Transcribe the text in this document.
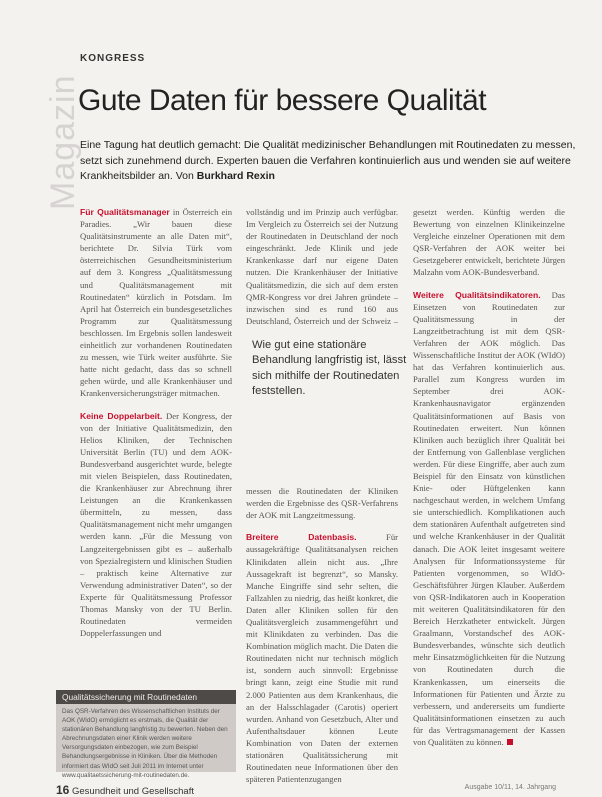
Magazin
KONGRESS
Gute Daten für bessere Qualität
Eine Tagung hat deutlich gemacht: Die Qualität medizinischer Behandlungen mit Routinedaten zu messen, setzt sich zunehmend durch. Experten bauen die Verfahren kontinuierlich aus und wenden sie auf weitere Krankheitsbilder an. Von Burkhard Rexin

Für Qualitätsmanager in Österreich ein Paradies. „Wir bauen diese Qualitätsinstrumente an alle Daten mit“, berichtete Dr. Silvia Türk vom österreichischen Gesundheitsministerium auf dem 3. Kongress „Qualitätsmessung und Qualitätsmanagement mit Routinedaten“ kürzlich in Potsdam. Im April hat Österreich ein bundesgesetzliches Programm zur Qualitätsmessung beschlossen. Im Ergebnis sollen landesweit einheitlich zur vorhandenen Routinedaten zu messen, wie Türk weiter ausführte. Sie hatte nicht gedacht, dass das so schnell gehen würde, und alle Krankenhäuser und Krankenversicherungsträger mitmachen.

Keine Doppelarbeit. Der Kongress, der von der Initiative Qualitätsmedizin, den Helios Kliniken, der Technischen Universität Berlin (TU) und dem AOK-Bundesverband ausgerichtet wurde, belegte mit vielen Beispielen, dass Routinedaten, die Krankenhäuser zur Abrechnung ihrer Leistungen an die Krankenkassen übermitteln, zu messen, dass Qualitätsmanagement nicht mehr umgangen werden kann. „Für die Messung von Langzeitergebnissen gibt es – außerhalb von Spezialregistern und klinischen Studien – praktisch keine Alternative zur Verwendung administrativer Daten“, so der Experte für Qualitätsmessung Professor Thomas Mansky von der TU Berlin. Routinedaten vermeiden Doppelerfassungen und

vollständig und im Prinzip auch verfügbar. Im Vergleich zu Österreich sei der Nutzung der Routinedaten in Deutschland der noch eingeschränkt. Jede Klinik und jede Krankenkasse darf nur eigene Daten nutzen. Die Krankenhäuser der Initiative Qualitätsmedizin, die sich auf dem ersten QMR-Kongress vor drei Jahren gründete – inzwischen sind es rund 160 aus Deutschland, Österreich und der Schweiz –

messen die Routinedaten der Kliniken werden die Ergebnisse des QSR-Verfahrens der AOK mit Langzeitmessung.

Breitere Datenbasis.	Für aussagekräftige Qualitätsanalysen reichen Klinikdaten allein nicht aus. „Ihre Aussagekraft ist begrenzt“, so Mansky. Manche Eingriffe sind sehr selten, die Fallzahlen zu niedrig, das heißt konkret, die Daten aller Kliniken sollen für den Qualitätsvergleich zusammengeführt und mit Klinikdaten zu verbinden. Das die Kombination möglich macht. Die Daten die Routinedaten nicht nur technisch möglich ist, sondern auch sinnvoll: Ergebnisse bringt kann, zeigt eine Studie mit rund 2.000 Patienten aus dem Krankenhaus, die an der Halsschlagader (Carotis) operiert wurden. Anhand von Gesetzbuch, Alter und Aufenthaltsdauer können Leute Kombination von Daten der externen stationären Qualitätssicherung mit Routinedaten neue Informationen über den späteren Patientenzugangen

Wie gut eine stationäre Behandlung langfristig ist, lässt sich mithilfe der Routinedaten feststellen.

gesetzt werden. Künftig werden die Bewertung von einzelnen Klinikeinzelne Vergleiche einzelner Operationen mit dem QSR-Verfahren der AOK weiter bei Gesetzgeberer entwickelt, berichtete Jürgen Malzahn vom AOK-Bundesverband.

Weitere Qualitätsindikatoren. Das Einsetzen von Routinedaten zur Qualitätsmessung in der Langzeitbetrachtung ist mit dem QSR-Verfahren der AOK möglich. Das Wissenschaftliche Institut der AOK (WIdO) hat das Verfahren kontinuierlich aus. Parallel zum Kongress wurden im September drei AOK-Krankenhausnavigator ergänzenden Qualitätsinformationen auf Basis von Routinedaten erweitert. Nun können Kliniken auch bezüglich ihrer Qualität bei der Entfernung von Gallenblase verglichen werden. Für diese Eingriffe, aber auch zum Beispiel für den Einsatz von künstlichen Knie- oder Hüftgelenken kann nachgeschaut werden, in welchem Umfang sie unterschiedlich. Komplikationen auch dem stationären Aufenthalt aufgetreten sind und welche Krankenhäuser in der Qualität danach. Die AOK leitet insgesamt weitere Analysen für Informationssysteme für Patienten vorgenommen, so WIdO-Geschäftsführer Jürgen Klauber. Außerdem von QSR-Indikatoren auch in Kooperation mit weiteren Qualitätsindikatoren für den Bereich Herzkatheter entwickelt. Jürgen Graalmann, Vorstandschef des AOK-Bundesverbandes, wünschte sich deutlich mehr Einsatzmöglichkeiten für die Nutzung von Routinedaten durch die Krankenkassen, um einerseits die Informationen für Patienten und Ärzte zu verbessern, und andererseits um fundierte Qualitätsinformationen einsetzen zu auch für das Vertragsmanagement der Kassen von Qualitäten zu können.

Qualitätssicherung mit Routinedaten
Das QSR-Verfahren des Wissenschaftlichen Instituts der AOK (WIdO) ermöglicht es erstmals, die Qualität der stationären Behandlung langfristig zu bewerten. Neben den Abrechnungsdaten einer Klinik werden weitere Versorgungsdaten einbezogen, wie zum Beispiel Behandlungsergebnisse in Kliniken. Über die Methoden informiert das WIdO seit Juli 2011 im Internet unter www.qualitaetssicherung-mit-routinedaten.de.
16 Gesundheit und Gesellschaft	Ausgabe 10/11, 14. Jahrgang
